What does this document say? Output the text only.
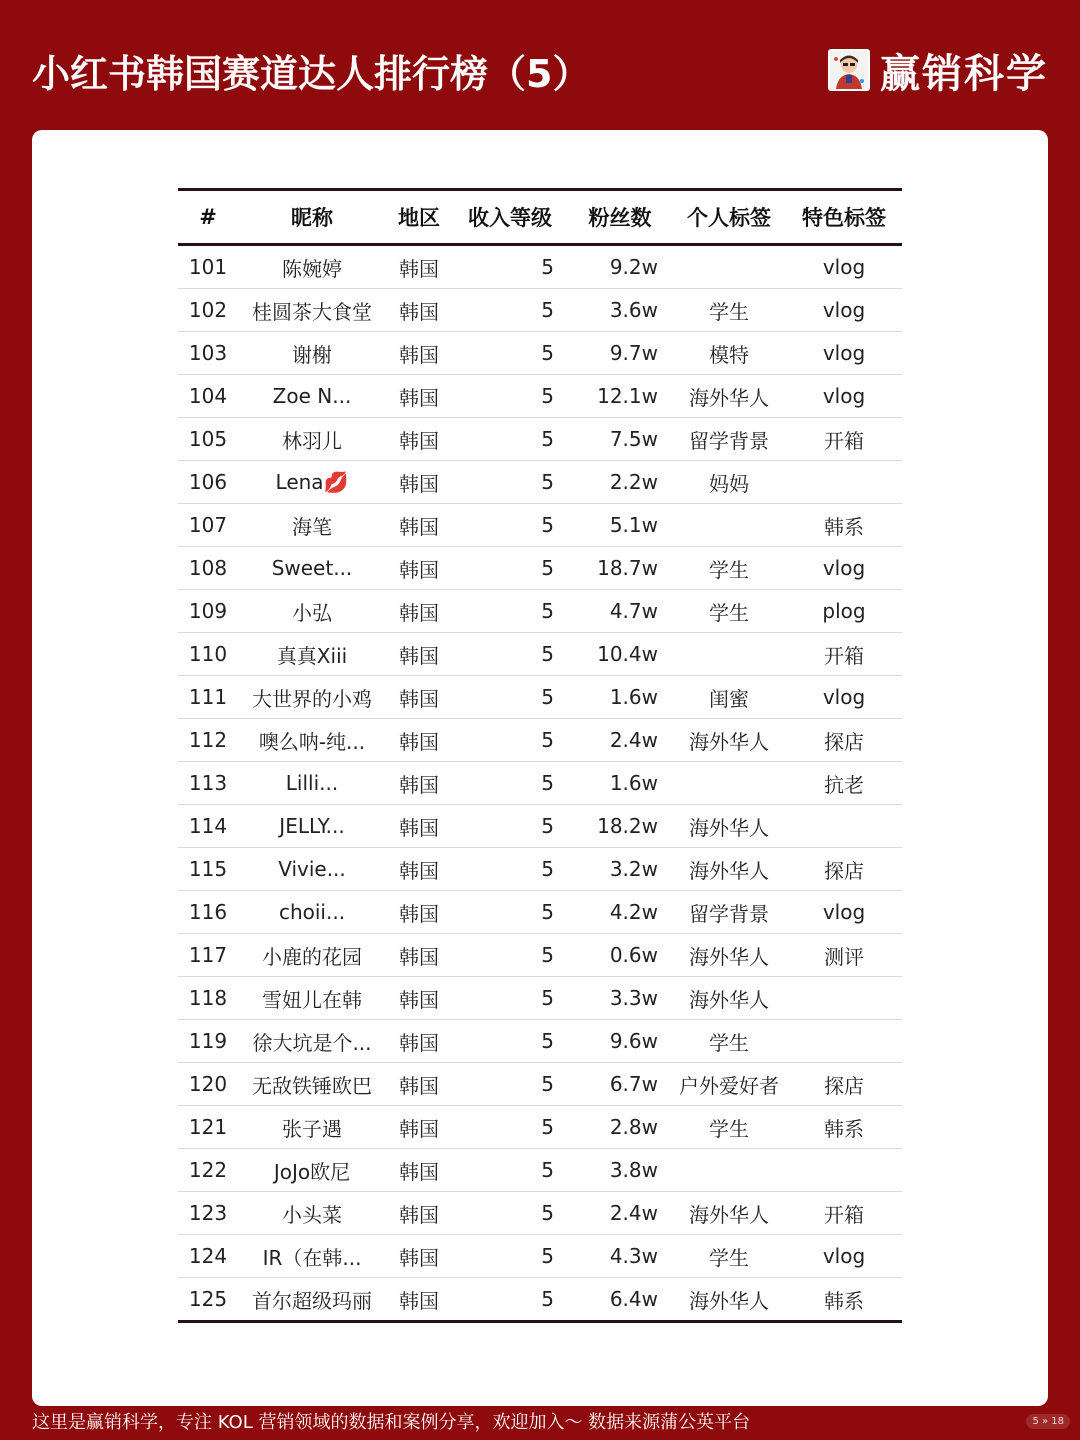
小红书韩国赛道达人排行榜（5）	赢销科学
#	昵称	地区	收入等级	粉丝数	个人标签	特色标签
101	陈婉婷	韩国	5	9.2w		vlog
102	桂圆茶大食堂	韩国	5	3.6w	学生	vlog
103	谢榭	韩国	5	9.7w	模特	vlog
104	Zoe N...	韩国	5	12.1w	海外华人	vlog
105	林羽儿	韩国	5	7.5w	留学背景	开箱
106	Lena💋	韩国	5	2.2w	妈妈	
107	海笔	韩国	5	5.1w		韩系
108	Sweet...	韩国	5	18.7w	学生	vlog
109	小弘	韩国	5	4.7w	学生	plog
110	真真Xiii	韩国	5	10.4w		开箱
111	大世界的小鸡	韩国	5	1.6w	闺蜜	vlog
112	噢么呐-纯...	韩国	5	2.4w	海外华人	探店
113	Lilli...	韩国	5	1.6w		抗老
114	JELLY...	韩国	5	18.2w	海外华人	
115	Vivie...	韩国	5	3.2w	海外华人	探店
116	choii...	韩国	5	4.2w	留学背景	vlog
117	小鹿的花园	韩国	5	0.6w	海外华人	测评
118	雪妞儿在韩	韩国	5	3.3w	海外华人	
119	徐大坑是个...	韩国	5	9.6w	学生	
120	无敌铁锤欧巴	韩国	5	6.7w	户外爱好者	探店
121	张子遇	韩国	5	2.8w	学生	韩系
122	JoJo欧尼	韩国	5	3.8w		
123	小头菜	韩国	5	2.4w	海外华人	开箱
124	IR（在韩...	韩国	5	4.3w	学生	vlog
125	首尔超级玛丽	韩国	5	6.4w	海外华人	韩系
这里是赢销科学，专注 KOL 营销领域的数据和案例分享，欢迎加入～ 数据来源蒲公英平台	5 » 18
